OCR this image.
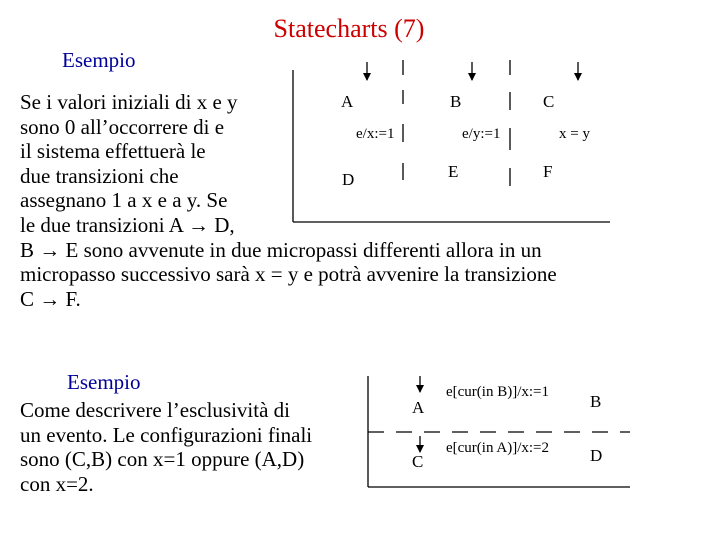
Statecharts (7)
Esempio
Se i valori iniziali di x e y
sono 0 all’occorrere di e
il sistema effettuerà le
due transizioni che
assegnano 1 a x e a y. Se
le due transizioni A → D,
B → E sono avvenute in due micropassi differenti allora in un
micropasso successivo sarà x = y e potrà avvenire la transizione
C → F.
A	B	C
e/x:=1	e/y:=1	x = y
D	E	F
Esempio
Come descrivere l’esclusività di
un evento. Le configurazioni finali
sono (C,B) con x=1 oppure (A,D)
con x=2.
A
e[cur(in B)]/x:=1 B
C
e[cur(in A)]/x:=2 D
